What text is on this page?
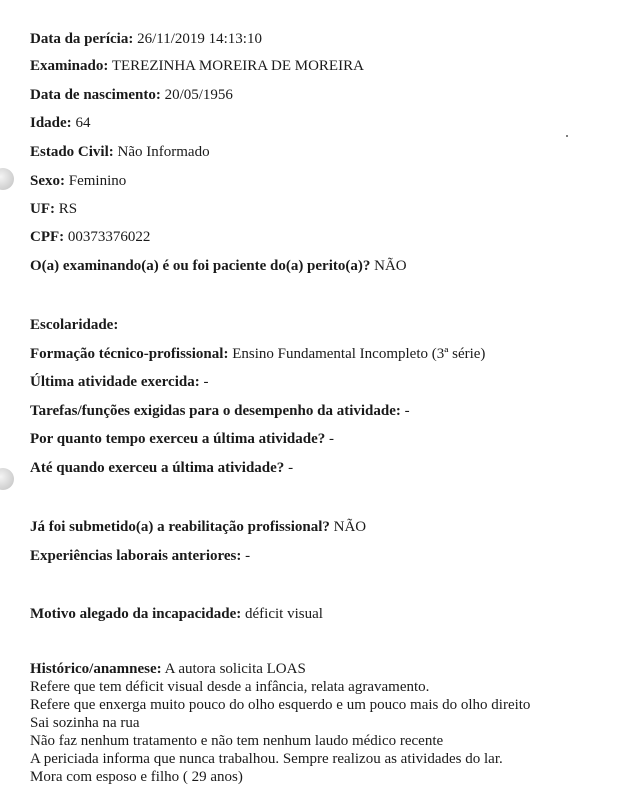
Data da perícia: 26/11/2019 14:13:10
Examinado: TEREZINHA MOREIRA DE MOREIRA
Data de nascimento: 20/05/1956
Idade: 64
Estado Civil: Não Informado
Sexo: Feminino
UF: RS
CPF: 00373376022
O(a) examinando(a) é ou foi paciente do(a) perito(a)? NÃO
Escolaridade:
Formação técnico-profissional: Ensino Fundamental Incompleto (3ª série)
Última atividade exercida: -
Tarefas/funções exigidas para o desempenho da atividade: -
Por quanto tempo exerceu a última atividade? -
Até quando exerceu a última atividade? -
Já foi submetido(a) a reabilitação profissional? NÃO
Experiências laborais anteriores: -
Motivo alegado da incapacidade: déficit visual
Histórico/anamnese: A autora solicita LOAS
Refere que tem déficit visual desde a infância, relata agravamento.
Refere que enxerga muito pouco do olho esquerdo e um pouco mais do olho direito
Sai sozinha na rua
Não faz nenhum tratamento e não tem nenhum laudo médico recente
A periciada informa que nunca trabalhou. Sempre realizou as atividades do lar.
Mora com esposo e filho ( 29 anos)
